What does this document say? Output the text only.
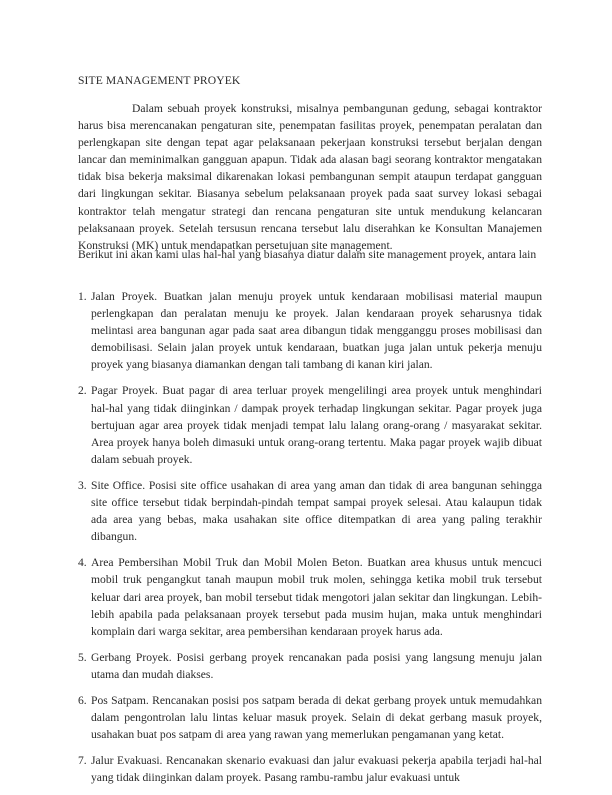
SITE MANAGEMENT PROYEK
Dalam sebuah proyek konstruksi, misalnya pembangunan gedung, sebagai kontraktor harus bisa merencanakan pengaturan site, penempatan fasilitas proyek, penempatan peralatan dan perlengkapan site dengan tepat agar pelaksanaan pekerjaan konstruksi tersebut berjalan dengan lancar dan meminimalkan gangguan apapun. Tidak ada alasan bagi seorang kontraktor mengatakan tidak bisa bekerja maksimal dikarenakan lokasi pembangunan sempit ataupun terdapat gangguan dari lingkungan sekitar. Biasanya sebelum pelaksanaan proyek pada saat survey lokasi sebagai kontraktor telah mengatur strategi dan rencana pengaturan site untuk mendukung kelancaran pelaksanaan proyek. Setelah tersusun rencana tersebut lalu diserahkan ke Konsultan Manajemen Konstruksi (MK) untuk mendapatkan persetujuan site management.
Berikut ini akan kami ulas hal-hal yang biasanya diatur dalam site management proyek, antara lain
1. Jalan Proyek. Buatkan jalan menuju proyek untuk kendaraan mobilisasi material maupun perlengkapan dan peralatan menuju ke proyek. Jalan kendaraan proyek seharusnya tidak melintasi area bangunan agar pada saat area dibangun tidak mengganggu proses mobilisasi dan demobilisasi. Selain jalan proyek untuk kendaraan, buatkan juga jalan untuk pekerja menuju proyek yang biasanya diamankan dengan tali tambang di kanan kiri jalan.
2. Pagar Proyek. Buat pagar di area terluar proyek mengelilingi area proyek untuk menghindari hal-hal yang tidak diinginkan / dampak proyek terhadap lingkungan sekitar. Pagar proyek juga bertujuan agar area proyek tidak menjadi tempat lalu lalang orang-orang / masyarakat sekitar. Area proyek hanya boleh dimasuki untuk orang-orang tertentu. Maka pagar proyek wajib dibuat dalam sebuah proyek.
3. Site Office. Posisi site office usahakan di area yang aman dan tidak di area bangunan sehingga site office tersebut tidak berpindah-pindah tempat sampai proyek selesai. Atau kalaupun tidak ada area yang bebas, maka usahakan site office ditempatkan di area yang paling terakhir dibangun.
4. Area Pembersihan Mobil Truk dan Mobil Molen Beton. Buatkan area khusus untuk mencuci mobil truk pengangkut tanah maupun mobil truk molen, sehingga ketika mobil truk tersebut keluar dari area proyek, ban mobil tersebut tidak mengotori jalan sekitar dan lingkungan. Lebih-lebih apabila pada pelaksanaan proyek tersebut pada musim hujan, maka untuk menghindari komplain dari warga sekitar, area pembersihan kendaraan proyek harus ada.
5. Gerbang Proyek. Posisi gerbang proyek rencanakan pada posisi yang langsung menuju jalan utama dan mudah diakses.
6. Pos Satpam. Rencanakan posisi pos satpam berada di dekat gerbang proyek untuk memudahkan dalam pengontrolan lalu lintas keluar masuk proyek. Selain di dekat gerbang masuk proyek, usahakan buat pos satpam di area yang rawan yang memerlukan pengamanan yang ketat.
7. Jalur Evakuasi. Rencanakan skenario evakuasi dan jalur evakuasi pekerja apabila terjadi hal-hal yang tidak diinginkan dalam proyek. Pasang rambu-rambu jalur evakuasi untuk
